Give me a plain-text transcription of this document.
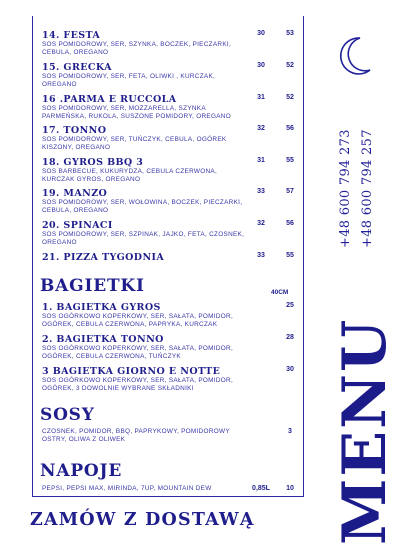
14. FESTA
SOS POMIDOROWY, SER, SZYNKA, BOCZEK, PIECZARKI, CEBULA, OREGANO
30	53
15. GRECKA
SOS POMIDOROWY, SER, FETA, OLIWKI , KURCZAK, OREGANO
30	52
16 .PARMA E RUCCOLA
SOS POMIDOROWY, SER, MOZZARELLA, SZYNKA PARMEŃSKA, RUKOLA, SUSZONE POMIDORY, OREGANO
31	52
17. TONNO
SOS POMIDOROWY, SER, TUŃCZYK, CEBULA, OGÓREK KISZONY, OREGANO
32	56
18. GYROS BBQ 3
SOS BARBECUE, KUKURYDZA, CEBULA CZERWONA, KURCZAK GYROS, OREGANO
31	55
19. MANZO
SOS POMIDOROWY, SER, WOŁOWINA, BOCZEK, PIECZARKI, CEBULA, OREGANO
33	57
20. SPINACI
SOS POMIDOROWY, SER, SZPINAK, JAJKO, FETA, CZOSNEK, OREGANO
32	56
21. PIZZA TYGODNIA	33	55
BAGIETKI	40CM
1. BAGIETKA GYROS
SOS OGÓRKOWO KOPERKOWY, SER, SAŁATA, POMIDOR, OGÓREK, CEBULA CZERWONA, PAPRYKA, KURCZAK
25
2. BAGIETKA TONNO
SOS OGÓRKOWO KOPERKOWY, SER, SAŁATA, POMIDOR, OGÓREK, CEBULA CZERWONA, TUŃCZYK
28
3 BAGIETKA GIORNO E NOTTE
SOS OGÓRKOWO KOPERKOWY, SER, SAŁATA, POMIDOR, OGÓREK, 3 DOWOLNIE WYBRANE SKŁADNIKI
30
SOSY
CZOSNEK, POMIDOR, BBQ, PAPRYKOWY, POMIDOROWY OSTRY, OLIWA Z OLIWEK
3
NAPOJE
PEPSI, PEPSI MAX, MIRINDA, 7UP, MOUNTAIN DEW	0,85L	10
ZAMÓW Z DOSTAWĄ
+48 600 794 273 +48 600 794 257
MENU
